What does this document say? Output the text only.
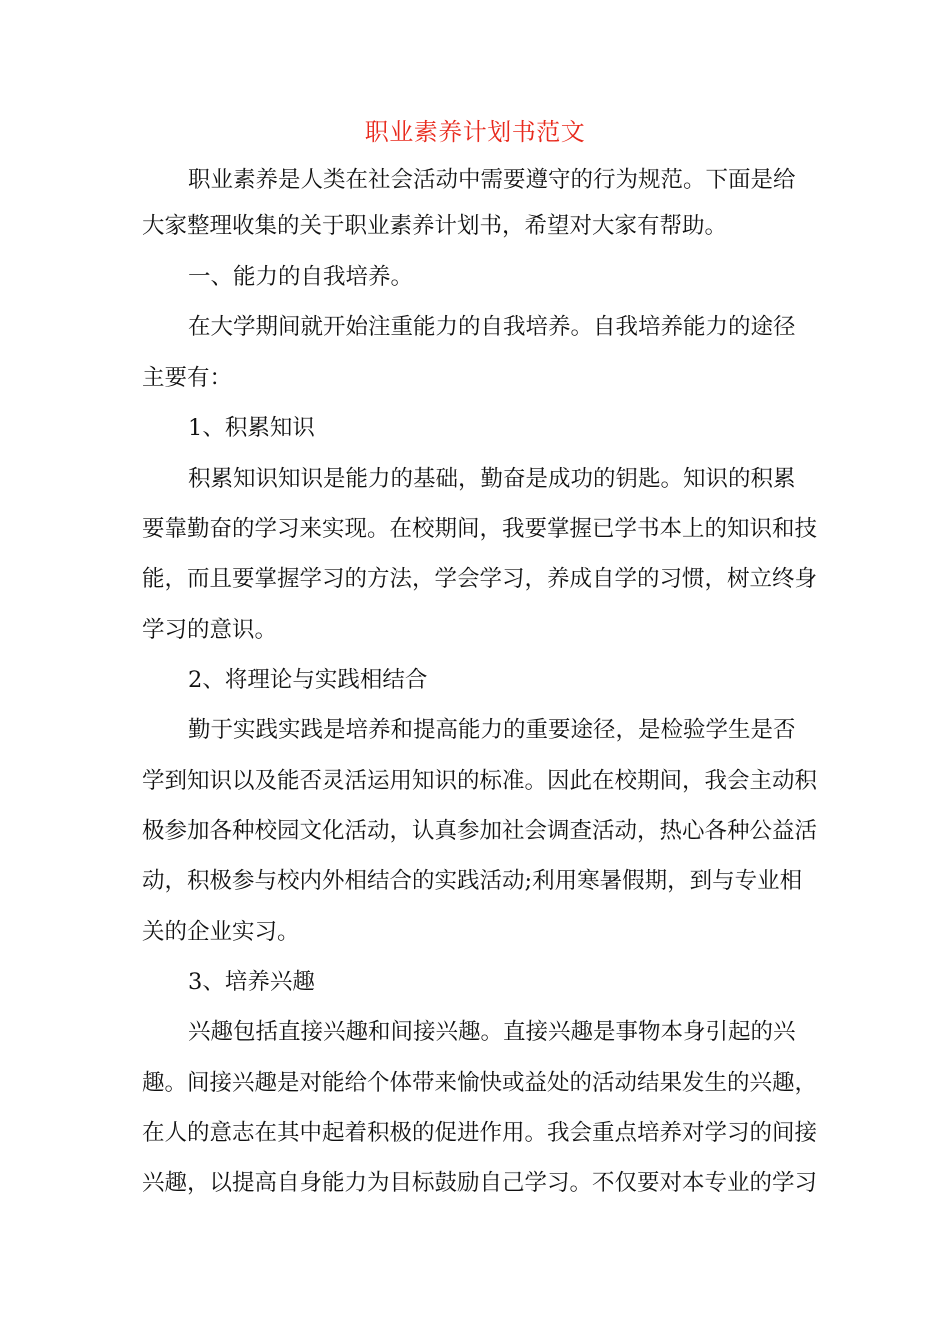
职业素养计划书范文
职业素养是人类在社会活动中需要遵守的行为规范。下面是给
大家整理收集的关于职业素养计划书，希望对大家有帮助。
一、能力的自我培养。
在大学期间就开始注重能力的自我培养。自我培养能力的途径
主要有：
1、积累知识
积累知识知识是能力的基础，勤奋是成功的钥匙。知识的积累
要靠勤奋的学习来实现。在校期间，我要掌握已学书本上的知识和技
能，而且要掌握学习的方法，学会学习，养成自学的习惯，树立终身
学习的意识。
2、将理论与实践相结合
勤于实践实践是培养和提高能力的重要途径，是检验学生是否
学到知识以及能否灵活运用知识的标准。因此在校期间，我会主动积
极参加各种校园文化活动，认真参加社会调查活动，热心各种公益活
动，积极参与校内外相结合的实践活动;利用寒暑假期，到与专业相
关的企业实习。
3、培养兴趣
兴趣包括直接兴趣和间接兴趣。直接兴趣是事物本身引起的兴
趣。间接兴趣是对能给个体带来愉快或益处的活动结果发生的兴趣，
在人的意志在其中起着积极的促进作用。我会重点培养对学习的间接
兴趣，以提高自身能力为目标鼓励自己学习。不仅要对本专业的学习
